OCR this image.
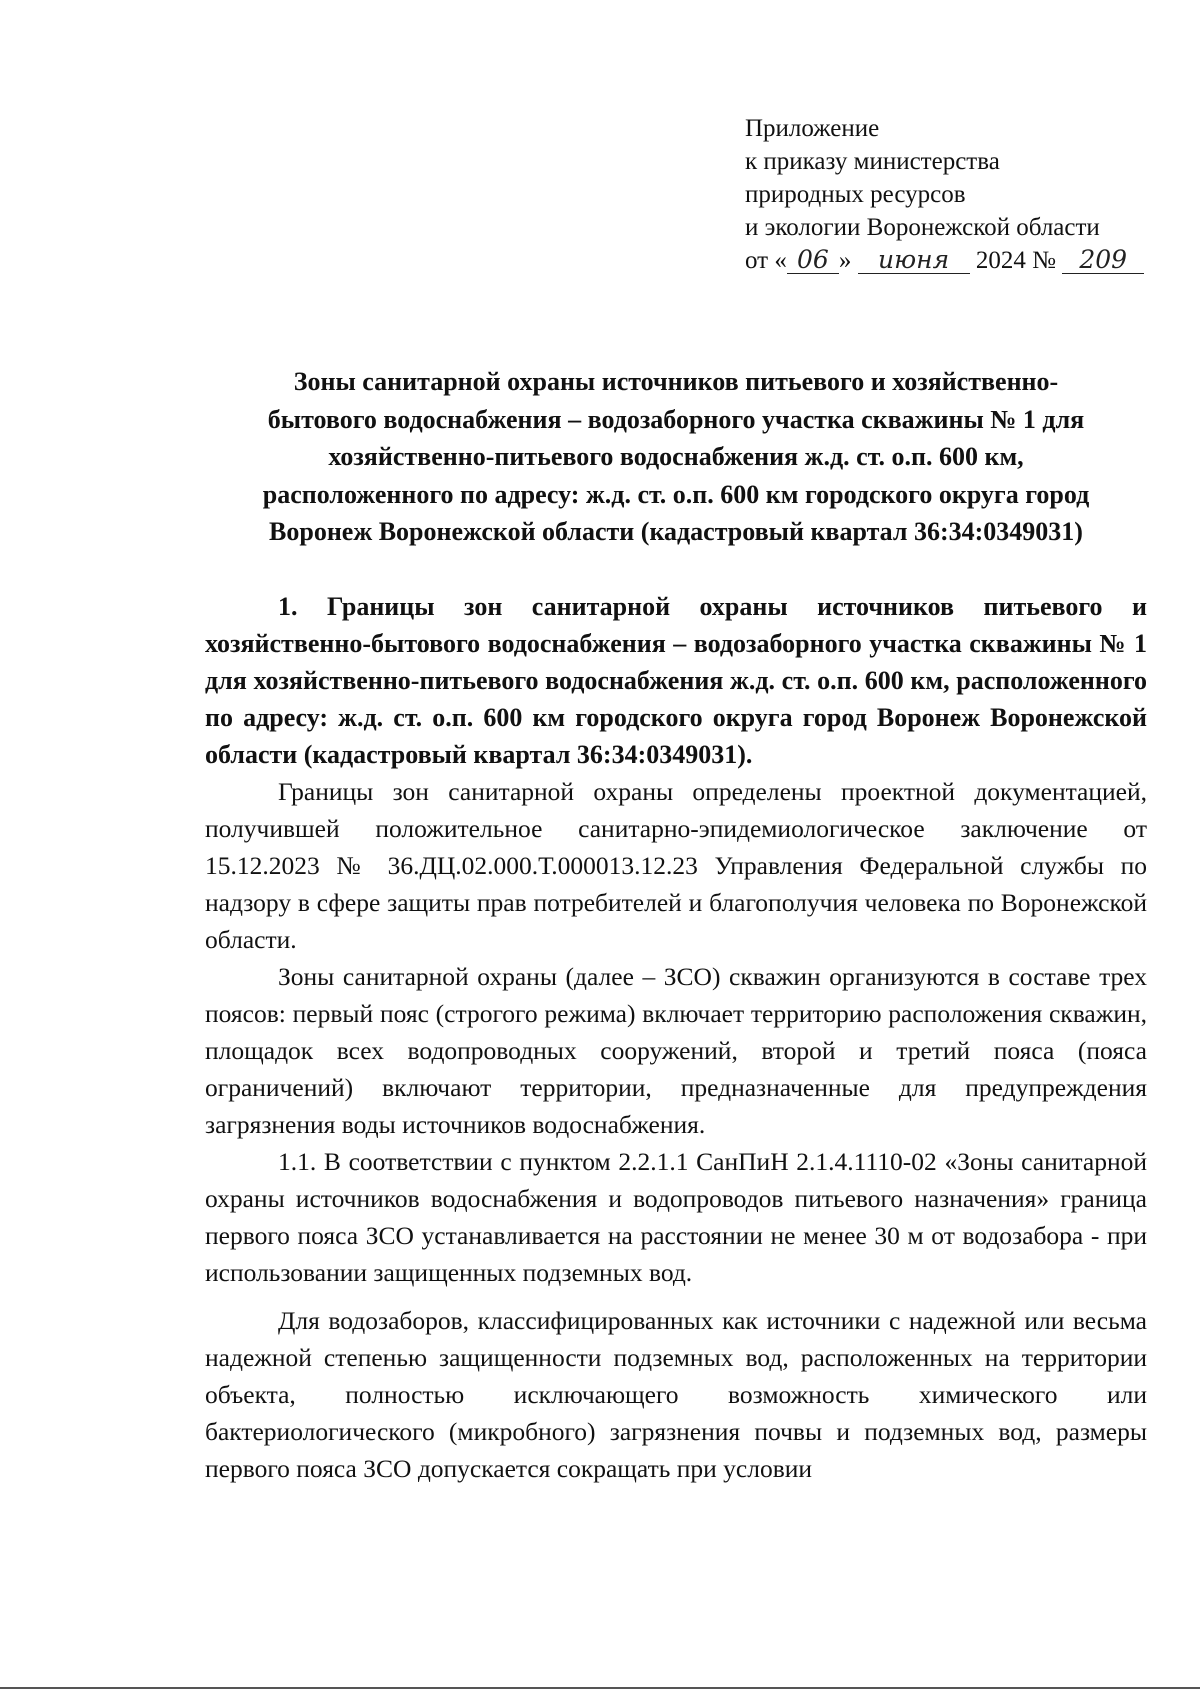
Приложение
к приказу министерства
природных ресурсов
и экологии Воронежской области
от « 06 » июня 2024 № 209
Зоны санитарной охраны источников питьевого и хозяйственно-
бытового водоснабжения – водозаборного участка скважины № 1 для
хозяйственно-питьевого водоснабжения ж.д. ст. о.п. 600 км,
расположенного по адресу: ж.д. ст. о.п. 600 км городского округа город
Воронеж Воронежской области (кадастровый квартал 36:34:0349031)

1. Границы зон санитарной охраны источников питьевого и хозяйственно-бытового водоснабжения – водозаборного участка скважины № 1 для хозяйственно-питьевого водоснабжения ж.д. ст. о.п. 600 км, расположенного по адресу: ж.д. ст. о.п. 600 км городского округа город Воронеж Воронежской области (кадастровый квартал 36:34:0349031).

Границы зон санитарной охраны определены проектной документацией, получившей положительное санитарно-эпидемиологическое заключение от 15.12.2023 № 36.ДЦ.02.000.Т.000013.12.23 Управления Федеральной службы по надзору в сфере защиты прав потребителей и благополучия человека по Воронежской области.

Зоны санитарной охраны (далее – ЗСО) скважин организуются в составе трех поясов: первый пояс (строгого режима) включает территорию расположения скважин, площадок всех водопроводных сооружений, второй и третий пояса (пояса ограничений) включают территории, предназначенные для предупреждения загрязнения воды источников водоснабжения.

1.1. В соответствии с пунктом 2.2.1.1 СанПиН 2.1.4.1110-02 «Зоны санитарной охраны источников водоснабжения и водопроводов питьевого назначения» граница первого пояса ЗСО устанавливается на расстоянии не менее 30 м от водозабора - при использовании защищенных подземных вод.

Для водозаборов, классифицированных как источники с надежной или весьма надежной степенью защищенности подземных вод, расположенных на территории объекта, полностью исключающего возможность химического или бактериологического (микробного) загрязнения почвы и подземных вод, размеры первого пояса ЗСО допускается сокращать при условии
